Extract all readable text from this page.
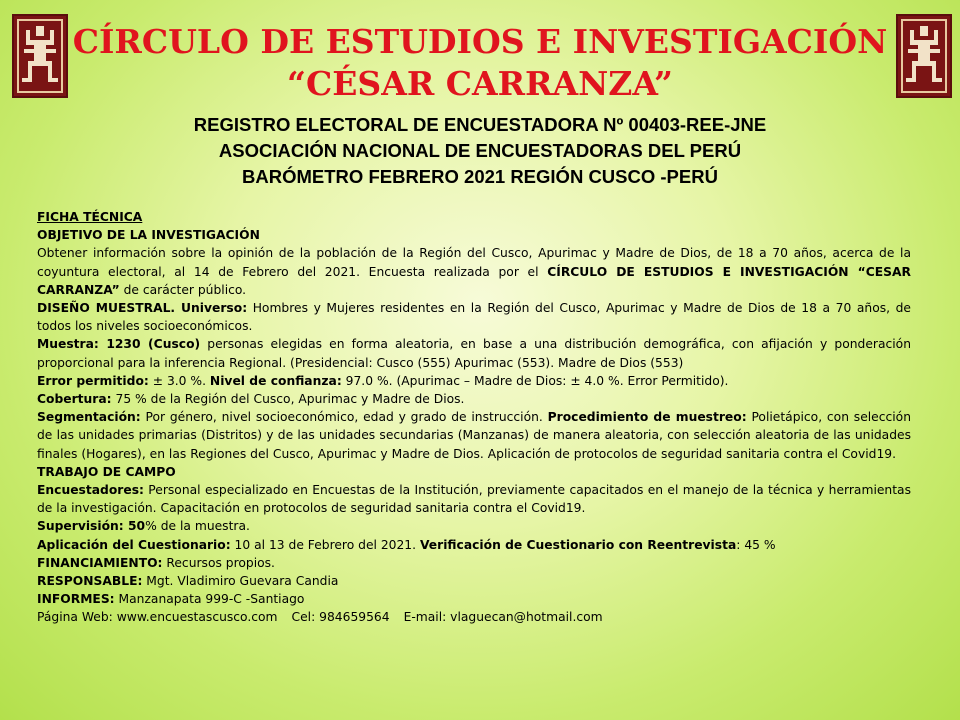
CÍRCULO DE ESTUDIOS E INVESTIGACIÓN
“CÉSAR CARRANZA”
REGISTRO ELECTORAL DE ENCUESTADORA Nº 00403-REE-JNE
ASOCIACIÓN NACIONAL DE ENCUESTADORAS DEL PERÚ
BARÓMETRO FEBRERO 2021 REGIÓN CUSCO -PERÚ

FICHA TÉCNICA

OBJETIVO DE LA INVESTIGACIÓN

Obtener información sobre la opinión de la población de la Región del Cusco, Apurimac y Madre de Dios, de 18 a 70 años, acerca de la coyuntura electoral, al 14 de Febrero del 2021. Encuesta realizada por el CÍRCULO DE ESTUDIOS E INVESTIGACIÓN “CESAR CARRANZA” de carácter público.

DISEÑO MUESTRAL. Universo: Hombres y Mujeres residentes en la Región del Cusco, Apurimac y Madre de Dios de 18 a 70 años, de todos los niveles socioeconómicos.

Muestra: 1230 (Cusco) personas elegidas en forma aleatoria, en base a una distribución demográfica, con afijación y ponderación proporcional para la inferencia Regional. (Presidencial: Cusco (555) Apurimac (553). Madre de Dios (553)

Error permitido: ± 3.0 %. Nivel de confianza: 97.0 %. (Apurimac – Madre de Dios: ± 4.0 %. Error Permitido).

Cobertura: 75 % de la Región del Cusco, Apurimac y Madre de Dios.

Segmentación: Por género, nivel socioeconómico, edad y grado de instrucción. Procedimiento de muestreo: Polietápico, con selección de las unidades primarias (Distritos) y de las unidades secundarias (Manzanas) de manera aleatoria, con selección aleatoria de las unidades finales (Hogares), en las Regiones del Cusco, Apurimac y Madre de Dios. Aplicación de protocolos de seguridad sanitaria contra el Covid19.

TRABAJO DE CAMPO

Encuestadores: Personal especializado en Encuestas de la Institución, previamente capacitados en el manejo de la técnica y herramientas de la investigación. Capacitación en protocolos de seguridad sanitaria contra el Covid19.

Supervisión: 50% de la muestra.

Aplicación del Cuestionario: 10 al 13 de Febrero del 2021. Verificación de Cuestionario con Reentrevista: 45 %

FINANCIAMIENTO: Recursos propios.

RESPONSABLE: Mgt. Vladimiro Guevara Candia

INFORMES: Manzanapata 999-C -Santiago

Página Web: www.encuestascusco.com Cel: 984659564 E-mail: vlaguecan@hotmail.com
